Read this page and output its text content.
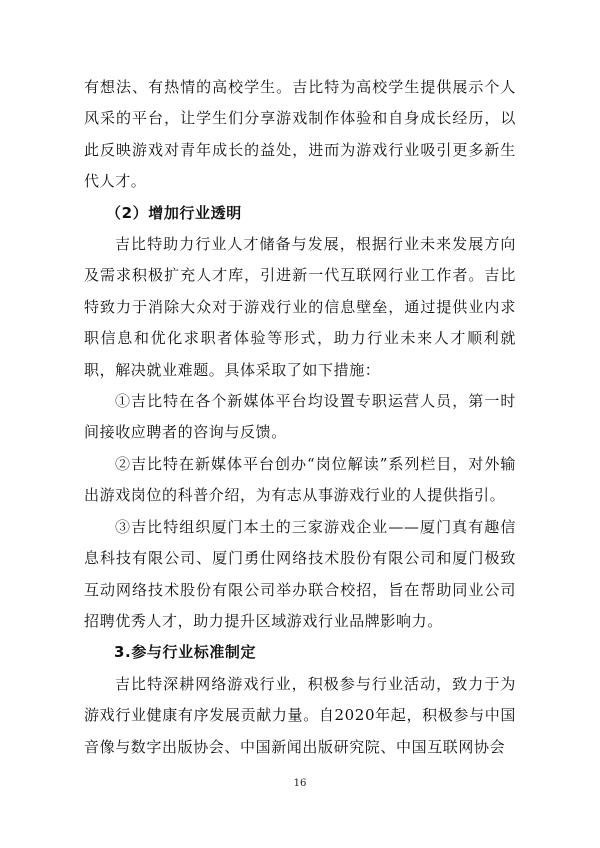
有想法、有热情的高校学生。吉比特为高校学生提供展示个人风采的平台，让学生们分享游戏制作体验和自身成长经历，以此反映游戏对青年成长的益处，进而为游戏行业吸引更多新生代人才。

（2）增加行业透明

吉比特助力行业人才储备与发展，根据行业未来发展方向及需求积极扩充人才库，引进新一代互联网行业工作者。吉比特致力于消除大众对于游戏行业的信息壁垒，通过提供业内求职信息和优化求职者体验等形式，助力行业未来人才顺利就职，解决就业难题。具体采取了如下措施：

①吉比特在各个新媒体平台均设置专职运营人员，第一时间接收应聘者的咨询与反馈。

②吉比特在新媒体平台创办“岗位解读”系列栏目，对外输出游戏岗位的科普介绍，为有志从事游戏行业的人提供指引。

③吉比特组织厦门本土的三家游戏企业——厦门真有趣信息科技有限公司、厦门勇仕网络技术股份有限公司和厦门极致互动网络技术股份有限公司举办联合校招，旨在帮助同业公司招聘优秀人才，助力提升区域游戏行业品牌影响力。

3.参与行业标准制定

吉比特深耕网络游戏行业，积极参与行业活动，致力于为游戏行业健康有序发展贡献力量。自2020年起，积极参与中国音像与数字出版协会、中国新闻出版研究院、中国互联网协会

16
